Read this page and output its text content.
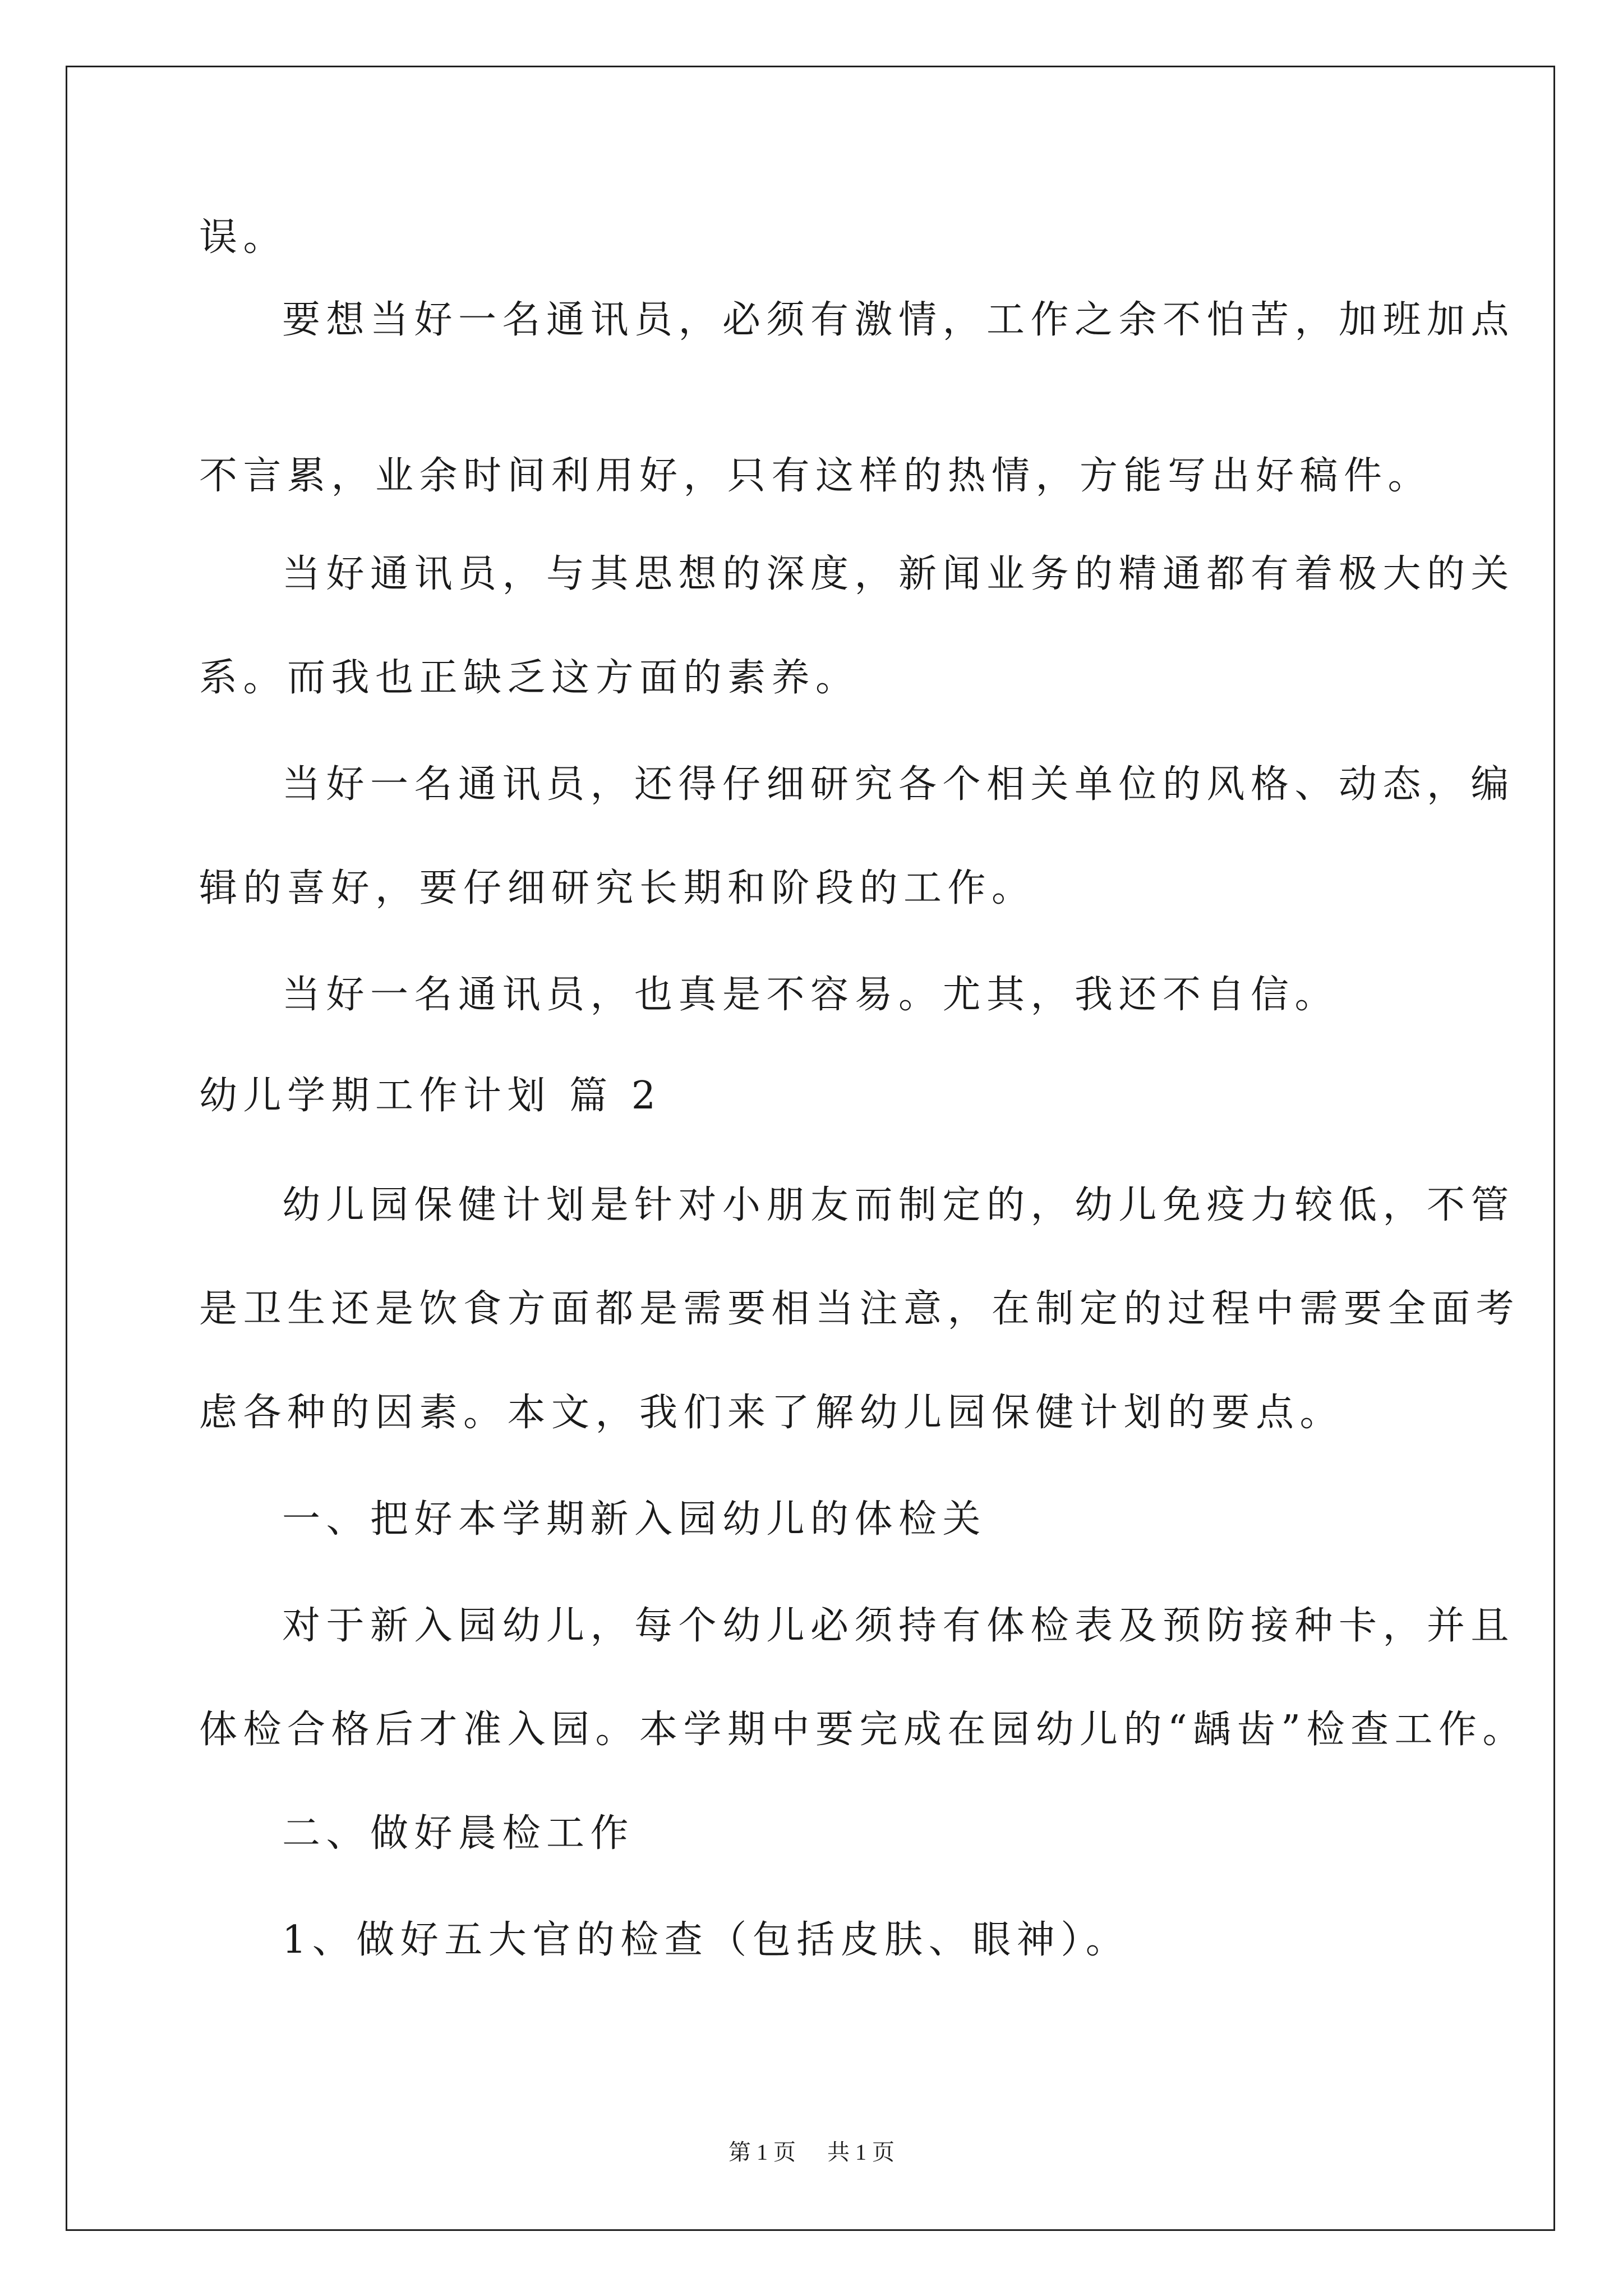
误。
要想当好一名通讯员，必须有激情，工作之余不怕苦，加班加点
不言累，业余时间利用好，只有这样的热情，方能写出好稿件。
当好通讯员，与其思想的深度，新闻业务的精通都有着极大的关
系。而我也正缺乏这方面的素养。
当好一名通讯员，还得仔细研究各个相关单位的风格、动态，编
辑的喜好，要仔细研究长期和阶段的工作。
当好一名通讯员，也真是不容易。尤其，我还不自信。
幼儿学期工作计划 篇 2
幼儿园保健计划是针对小朋友而制定的，幼儿免疫力较低，不管
是卫生还是饮食方面都是需要相当注意，在制定的过程中需要全面考
虑各种的因素。本文，我们来了解幼儿园保健计划的要点。
一、把好本学期新入园幼儿的体检关
对于新入园幼儿，每个幼儿必须持有体检表及预防接种卡，并且
体检合格后才准入园。本学期中要完成在园幼儿的“龋齿”检查工作。
二、做好晨检工作
1、做好五大官的检查（包括皮肤、眼神）。
第 1 页 共 1 页
